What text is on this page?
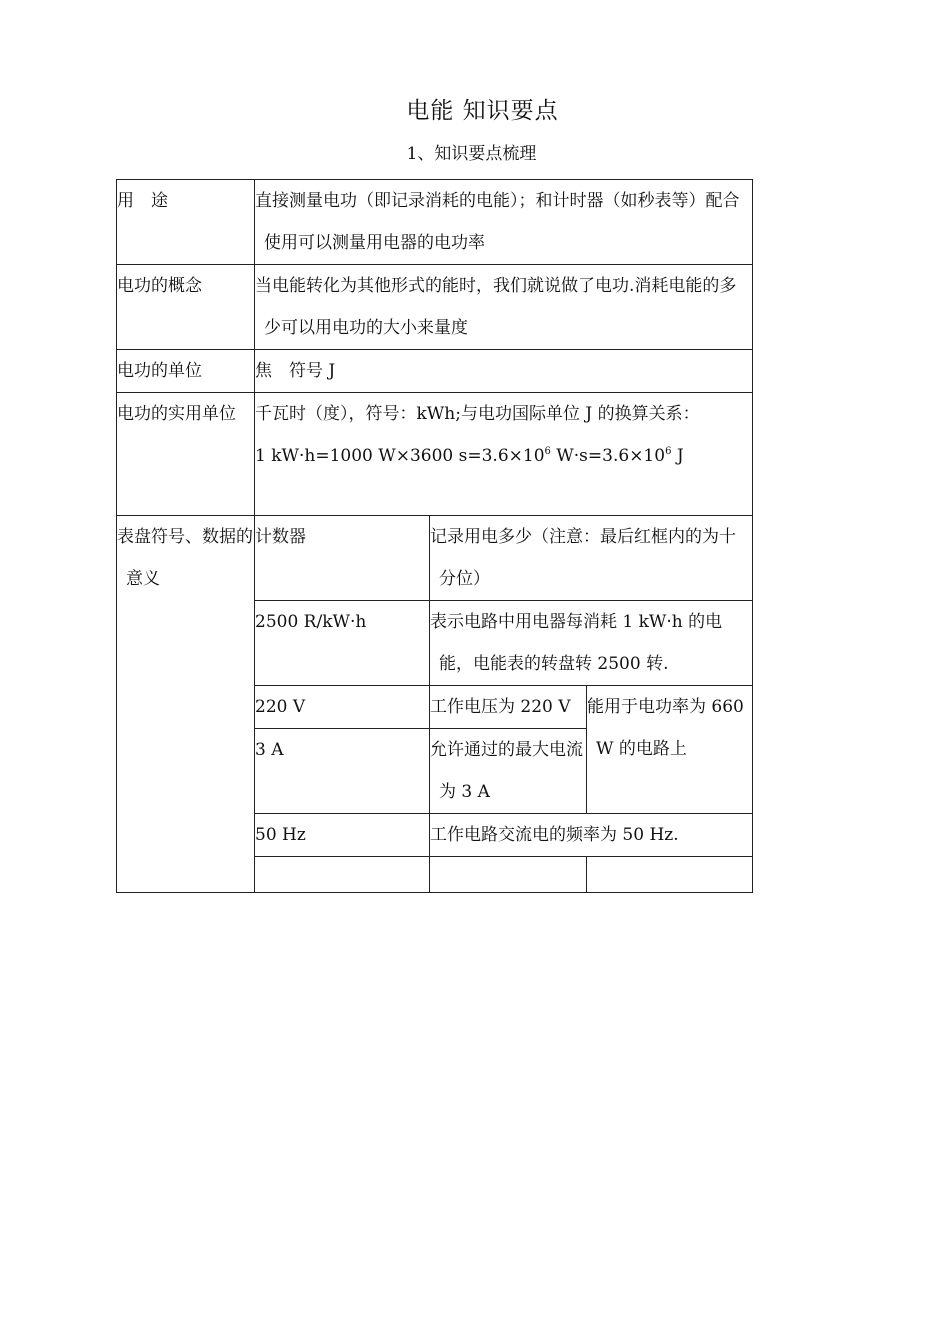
电能 知识要点
1、知识要点梳理
用　途	直接测量电功（即记录消耗的电能）；和计时器（如秒表等）配合使用可以测量用电器的电功率		

电功的概念	当电能转化为其他形式的能时，我们就说做了电功.消耗电能的多少可以用电功的大小来量度		

电功的单位	焦　符号 J		

电功的实用单位	千瓦时（度），符号：kWh;与电功国际单位 J 的换算关系：
1 kW·h=1000 W×3600 $s=3.6\times 10^6$ $W\cdot s=3.6\times 10^6$ J		

表盘符号、数据的意义	计数器	记录用电多少（注意：最后红框内的为十分位）	

	2500 R/kW·h	表示电路中用电器每消耗 1 kW·h 的电能，电能表的转盘转 2500 转.	

	220 V	工作电压为 220 V	能用于电功率为 660 W 的电路上

	3 A	允许通过的最大电流为 3 A	

	50 Hz	工作电路交流电的频率为 50 Hz.	
